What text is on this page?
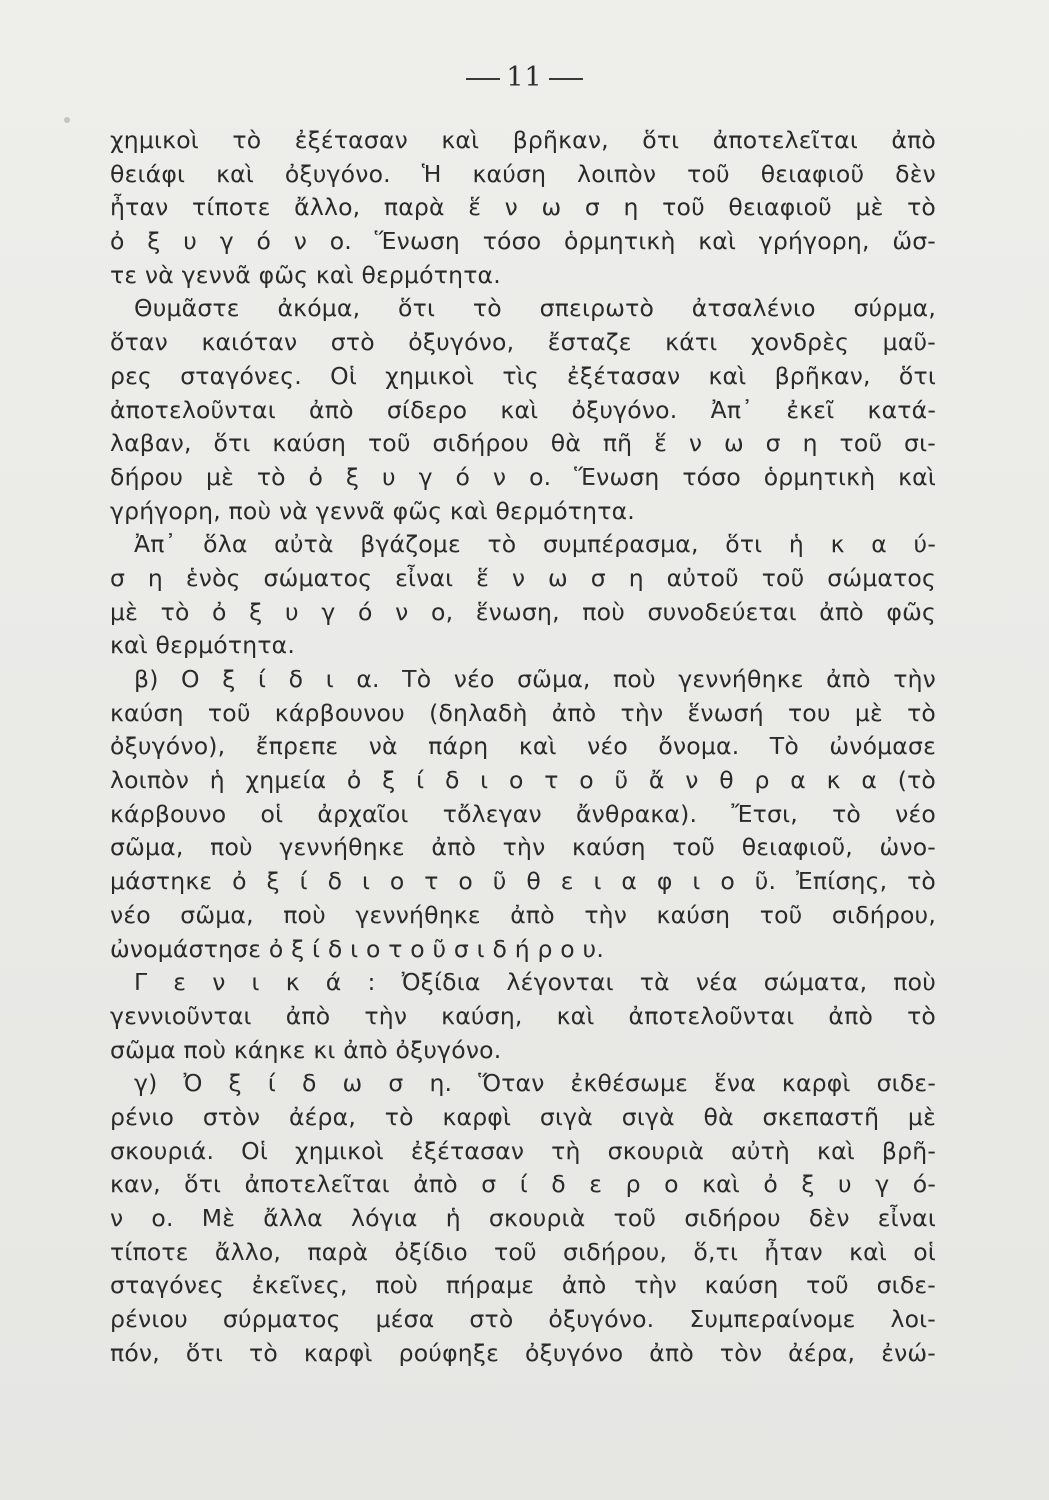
11
χημικοὶ τὸ ἐξέτασαν καὶ βρῆκαν, ὅτι ἀποτελεῖται ἀπὸ
θειάφι καὶ ὀξυγόνο. Ἡ καύση λοιπὸν τοῦ θειαφιοῦ δὲν
ἦταν τίποτε ἄλλο, παρὰ ἕ ν ω σ η τοῦ θειαφιοῦ μὲ τὸ
ὀ ξ υ γ ό ν ο. Ἕνωση τόσο ὁρμητικὴ καὶ γρήγορη, ὥσ-
τε νὰ γεννᾶ φῶς καὶ θερμότητα.
Θυμᾶστε ἀκόμα, ὅτι τὸ σπειρωτὸ ἀτσαλένιο σύρμα,
ὅταν καιόταν στὸ ὀξυγόνο, ἔσταζε κάτι χονδρὲς μαῦ-
ρες σταγόνες. Οἱ χημικοὶ τὶς ἐξέτασαν καὶ βρῆκαν, ὅτι
ἀποτελοῦνται ἀπὸ σίδερο καὶ ὀξυγόνο. Ἀπ᾽ ἐκεῖ κατά-
λαβαν, ὅτι καύση τοῦ σιδήρου θὰ πῆ ἕ ν ω σ η τοῦ σι-
δήρου μὲ τὸ ὀ ξ υ γ ό ν ο. Ἕνωση τόσο ὁρμητικὴ καὶ
γρήγορη, ποὺ νὰ γεννᾶ φῶς καὶ θερμότητα.
Ἀπ᾽ ὅλα αὐτὰ βγάζομε τὸ συμπέρασμα, ὅτι ἡ κ α ύ-
σ η ἑνὸς σώματος εἶναι ἕ ν ω σ η αὐτοῦ τοῦ σώματος
μὲ τὸ ὀ ξ υ γ ό ν ο, ἕνωση, ποὺ συνοδεύεται ἀπὸ φῶς
καὶ θερμότητα.
β) Ο ξ ί δ ι α. Τὸ νέο σῶμα, ποὺ γεννήθηκε ἀπὸ τὴν
καύση τοῦ κάρβουνου (δηλαδὴ ἀπὸ τὴν ἕνωσή του μὲ τὸ
ὀξυγόνο), ἔπρεπε νὰ πάρη καὶ νέο ὄνομα. Τὸ ὠνόμασε
λοιπὸν ἡ χημεία ὀ ξ ί δ ι ο τ ο ῦ ἄ ν θ ρ α κ α (τὸ
κάρβουνο οἱ ἀρχαῖοι τὄλεγαν ἄνθρακα). Ἔτσι, τὸ νέο
σῶμα, ποὺ γεννήθηκε ἀπὸ τὴν καύση τοῦ θειαφιοῦ, ὠνο-
μάστηκε ὀ ξ ί δ ι ο τ ο ῦ θ ε ι α φ ι ο ῦ. Ἐπίσης, τὸ
νέο σῶμα, ποὺ γεννήθηκε ἀπὸ τὴν καύση τοῦ σιδήρου,
ὠνομάστησε ὀ ξ ί δ ι ο τ ο ῦ σ ι δ ή ρ ο υ.
Γ ε ν ι κ ά : Ὀξίδια λέγονται τὰ νέα σώματα, ποὺ
γεννιοῦνται ἀπὸ τὴν καύση, καὶ ἀποτελοῦνται ἀπὸ τὸ
σῶμα ποὺ κάηκε κι ἀπὸ ὀξυγόνο.
γ) Ὀ ξ ί δ ω σ η. Ὅταν ἐκθέσωμε ἕνα καρφὶ σιδε-
ρένιο στὸν ἀέρα, τὸ καρφὶ σιγὰ σιγὰ θὰ σκεπαστῆ μὲ
σκουριά. Οἱ χημικοὶ ἐξέτασαν τὴ σκουριὰ αὐτὴ καὶ βρῆ-
καν, ὅτι ἀποτελεῖται ἀπὸ σ ί δ ε ρ ο καὶ ὀ ξ υ γ ό-
ν ο. Μὲ ἄλλα λόγια ἡ σκουριὰ τοῦ σιδήρου δὲν εἶναι
τίποτε ἄλλο, παρὰ ὀξίδιο τοῦ σιδήρου, ὅ,τι ἦταν καὶ οἱ
σταγόνες ἐκεῖνες, ποὺ πήραμε ἀπὸ τὴν καύση τοῦ σιδε-
ρένιου σύρματος μέσα στὸ ὀξυγόνο. Συμπεραίνομε λοι-
πόν, ὅτι τὸ καρφὶ ρούφηξε ὀξυγόνο ἀπὸ τὸν ἀέρα, ἐνώ-
